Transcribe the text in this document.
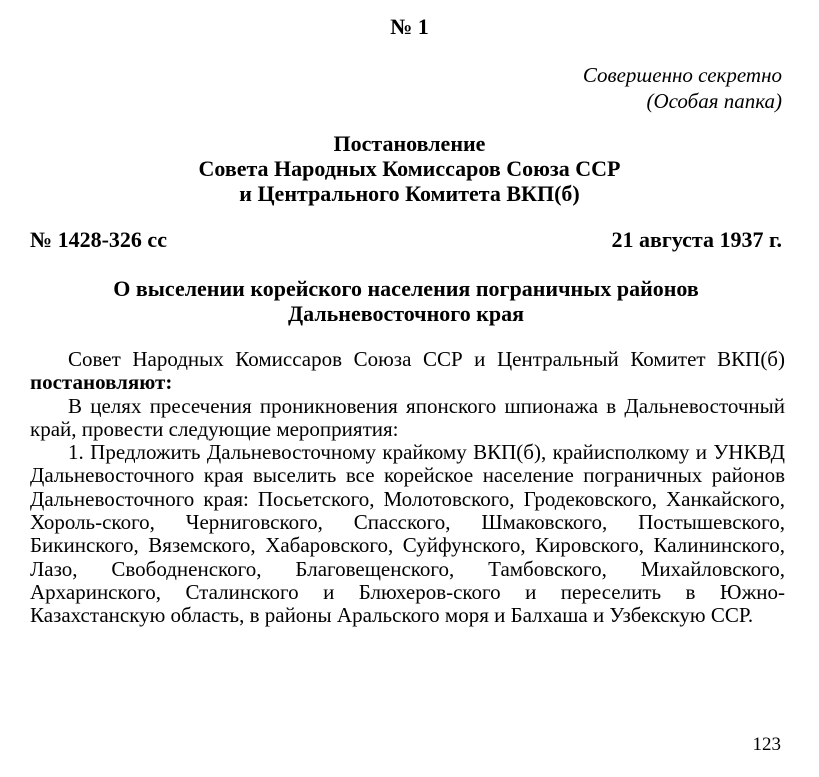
№ 1
Совершенно секретно
(Особая папка)
Постановление
Совета Народных Комиссаров Союза ССР
и Центрального Комитета ВКП(б)
№ 1428-326 сс	21 августа 1937 г.
О выселении корейского населения пограничных районов
Дальневосточного края

Совет Народных Комиссаров Союза ССР и Центральный Комитет ВКП(б) постановляют:

В целях пресечения проникновения японского шпионажа в Дальневосточный край, провести следующие мероприятия:

1. Предложить Дальневосточному крайкому ВКП(б), крайисполкому и УНКВД Дальневосточного края выселить все корейское население пограничных районов Дальневосточного края: Посьетского, Молотовского, Гродековского, Ханкайского, Хороль-ского, Черниговского, Спасского, Шмаковского, Постышевского, Бикинского, Вяземского, Хабаровского, Суйфунского, Кировского, Калининского, Лазо, Свободненского, Благовещенского, Тамбовского, Михайловского, Архаринского, Сталинского и Блюхеров-ского и переселить в Южно-Казахстанскую область, в районы Аральского моря и Балхаша и Узбекскую ССР.

123
